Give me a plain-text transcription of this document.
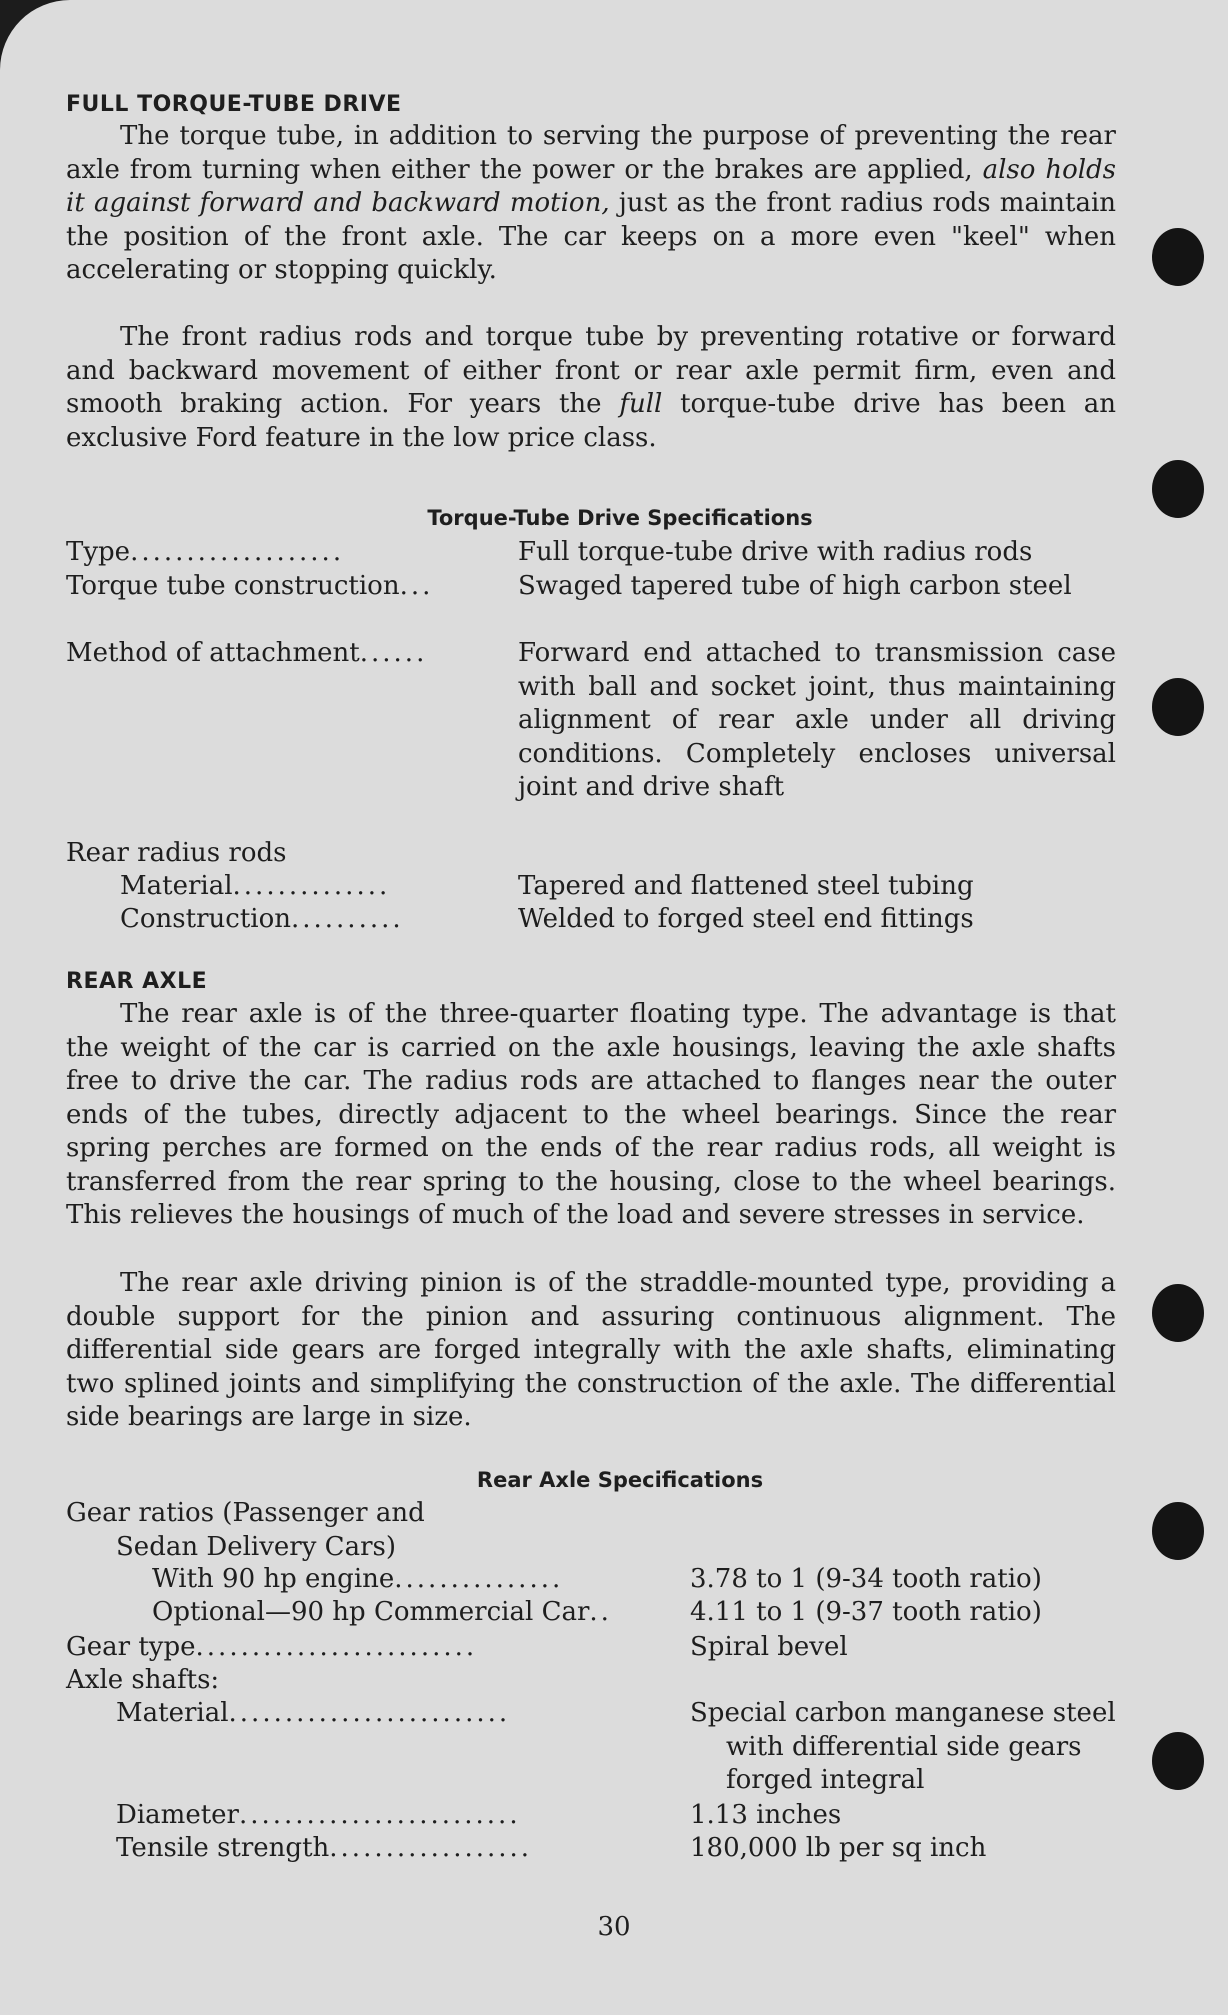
FULL TORQUE-TUBE DRIVE

The torque tube, in addition to serving the purpose of preventing the rear axle from turning when either the power or the brakes are applied, also holds it against forward and backward motion, just as the front radius rods maintain the position of the front axle. The car keeps on a more even "keel" when accelerating or stopping quickly.

The front radius rods and torque tube by preventing rotative or forward and backward movement of either front or rear axle permit firm, even and smooth braking action. For years the full torque-tube drive has been an exclusive Ford feature in the low price class.

Torque-Tube Drive Specifications
Type...................	Full torque-tube drive with radius rods
Torque tube construction...	Swaged tapered tube of high carbon steel

Method of attachment......	Forward end attached to transmission case with ball and socket joint, thus maintaining alignment of rear axle under all driving conditions. Completely encloses universal joint and drive shaft

Rear radius rods
Material..............	Tapered and flattened steel tubing
Construction..........	Welded to forged steel end fittings
REAR AXLE

The rear axle is of the three-quarter floating type. The advantage is that the weight of the car is carried on the axle housings, leaving the axle shafts free to drive the car. The radius rods are attached to flanges near the outer ends of the tubes, directly adjacent to the wheel bearings. Since the rear spring perches are formed on the ends of the rear radius rods, all weight is transferred from the rear spring to the housing, close to the wheel bearings. This relieves the housings of much of the load and severe stresses in service.

The rear axle driving pinion is of the straddle-mounted type, providing a double support for the pinion and assuring continuous alignment. The differential side gears are forged integrally with the axle shafts, eliminating two splined joints and simplifying the construction of the axle. The differential side bearings are large in size.

Rear Axle Specifications
Gear ratios (Passenger and
Sedan Delivery Cars)
With 90 hp engine...............	3.78 to 1 (9-34 tooth ratio)
Optional—90 hp Commercial Car..	4.11 to 1 (9-37 tooth ratio)
Gear type.........................	Spiral bevel
Axle shafts:
Material.........................	Special carbon manganese steel with differential side gears forged integral

Diameter.........................	1.13 inches
Tensile strength..................	180,000 lb per sq inch
30
